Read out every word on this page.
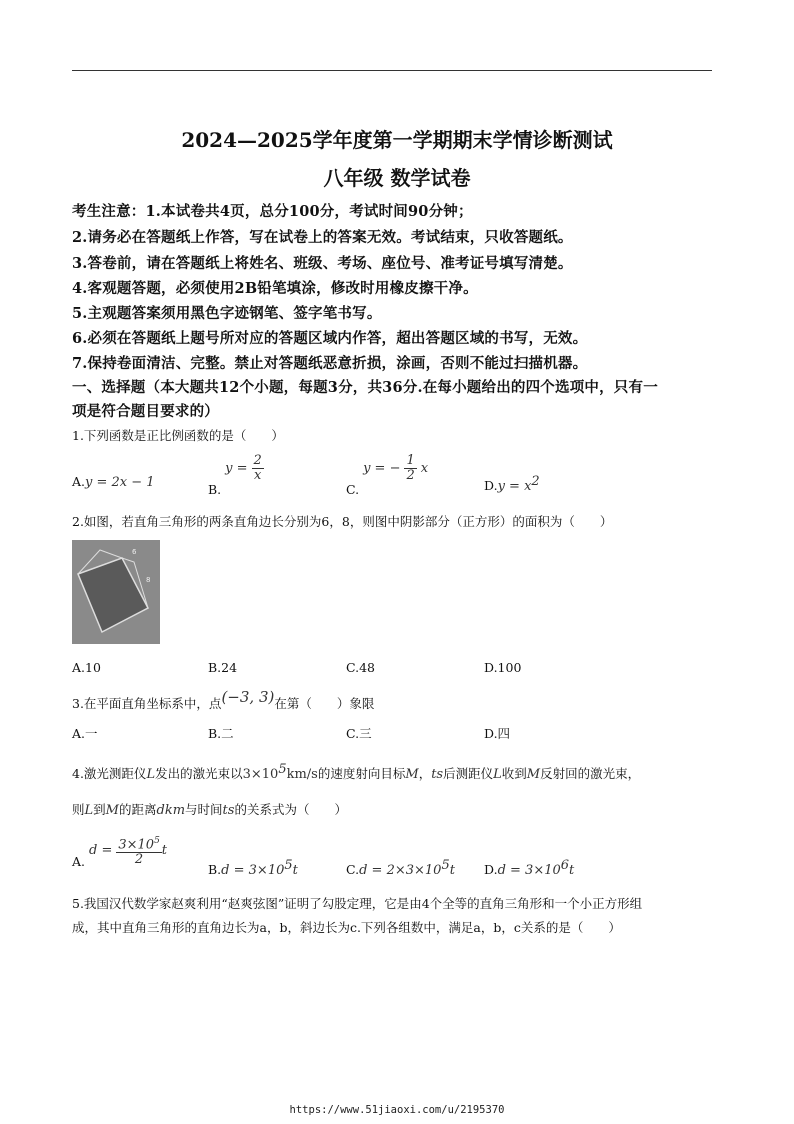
2024—2025学年度第一学期期末学情诊断测试
八年级 数学试卷
考生注意：1.本试卷共4页，总分100分，考试时间90分钟；
2.请务必在答题纸上作答，写在试卷上的答案无效。考试结束，只收答题纸。
3.答卷前，请在答题纸上将姓名、班级、考场、座位号、准考证号填写清楚。
4.客观题答题，必须使用2B铅笔填涂，修改时用橡皮擦干净。
5.主观题答案须用黑色字迹钢笔、签字笔书写。
6.必须在答题纸上题号所对应的答题区域内作答，超出答题区域的书写，无效。
7.保持卷面清洁、完整。禁止对答题纸恶意折损，涂画，否则不能过扫描机器。
一、选择题（本大题共12个小题，每题3分，共36分.在每小题给出的四个选项中，只有一
项是符合题目要求的）
1.下列函数是正比例函数的是（　　）
A.y = 2x − 1	B. $y = \frac{2}{x}$
C. y = − $\frac{1}{2}$ x
$D.y = x^2$
2.如图，若直角三角形的两条直角边长分别为6，8，则图中阴影部分（正方形）的面积为（　　）
6
8
A.10	B.24	C.48	D.100
3.在平面直角坐标系中，点(−3, 3)在第（　　）象限
A.一	B.二	C.三	D.四
4.激光测距仪L发出的激光束以$3\times 10^5km/s$的速度射向目标M，ts后测距仪L收到M反射回的激光束，
则L到M的距离dkm与时间ts的关系式为（　　）
A. $d = \frac{3\times 10^5}{2}$ t
$B.d = 3\times 10^5t$	$C.d = 2\times 3\times 10^5t$ $D.d = 3\times 10^6t$
5.我国汉代数学家赵爽利用“赵爽弦图”证明了勾股定理，它是由4个全等的直角三角形和一个小正方形组
成，其中直角三角形的直角边长为a，b，斜边长为c.下列各组数中，满足a，b，c关系的是（　　）
https://www.51jiaoxi.com/u/2195370
